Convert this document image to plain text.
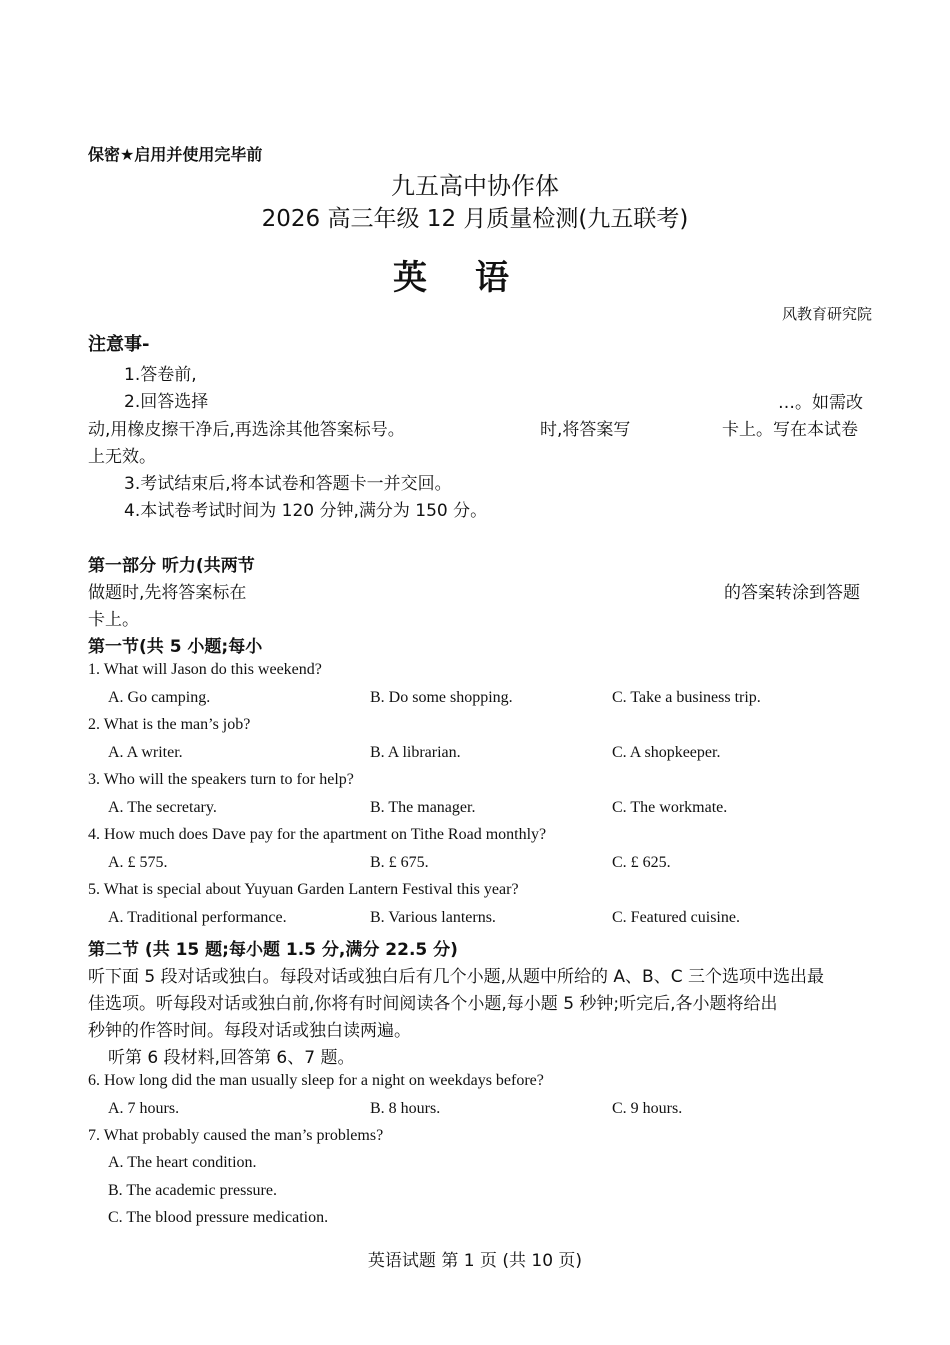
保密★启用并使用完毕前
九五高中协作体
2026 高三年级 12 月质量检测(九五联考)
英语
风教育研究院
注意事-
1.答卷前,
2.回答选择	…。如需改
动,用橡皮擦干净后,再选涂其他答案标号。	时,将答案写	卡上。写在本试卷
上无效。
3.考试结束后,将本试卷和答题卡一并交回。
4.本试卷考试时间为 120 分钟,满分为 150 分。
第一部分 听力(共两节
做题时,先将答案标在	的答案转涂到答题
卡上。
第一节(共 5 小题;每小
1. What will Jason do this weekend?
A. Go camping.	B. Do some shopping.	C. Take a business trip.
2. What is the man’s job?
A. A writer.	B. A librarian.	C. A shopkeeper.
3. Who will the speakers turn to for help?
A. The secretary.	B. The manager.	C. The workmate.
4. How much does Dave pay for the apartment on Tithe Road monthly?
A. £ 575.	B. £ 675.	C. £ 625.
5. What is special about Yuyuan Garden Lantern Festival this year?
A. Traditional performance.	B. Various lanterns.	C. Featured cuisine.
第二节 (共 15 题;每小题 1.5 分,满分 22.5 分)
听下面 5 段对话或独白。每段对话或独白后有几个小题,从题中所给的 A、B、C 三个选项中选出最
佳选项。听每段对话或独白前,你将有时间阅读各个小题,每小题 5 秒钟;听完后,各小题将给出
秒钟的作答时间。每段对话或独白读两遍。
听第 6 段材料,回答第 6、7 题。
6. How long did the man usually sleep for a night on weekdays before?
A. 7 hours.	B. 8 hours.	C. 9 hours.
7. What probably caused the man’s problems?
A. The heart condition.
B. The academic pressure.
C. The blood pressure medication.
英语试题 第 1 页 (共 10 页)
